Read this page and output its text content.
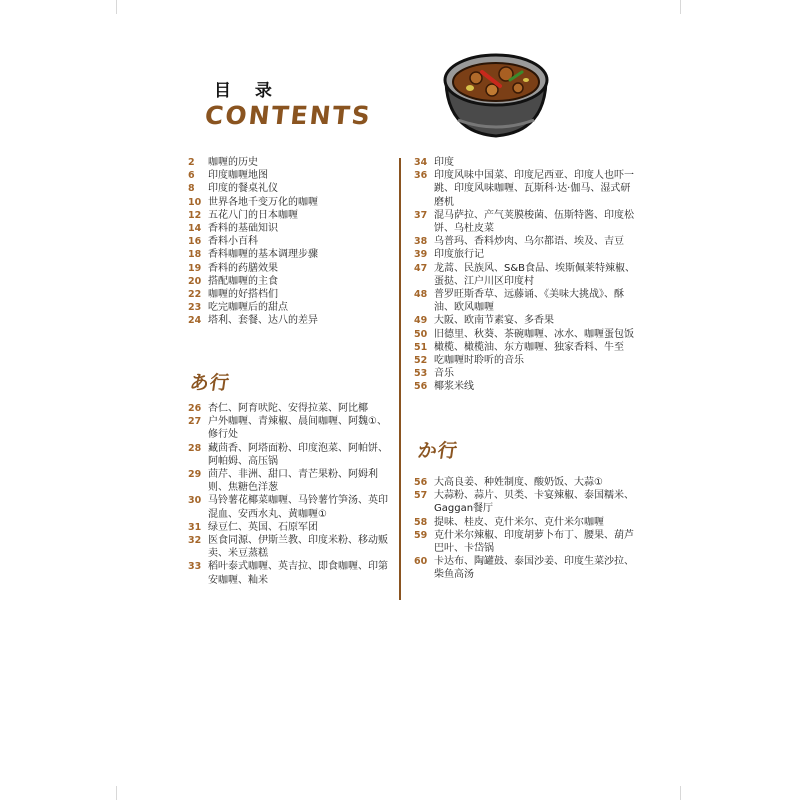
目 录
CONTENTS
2	咖喱的历史
6	印度咖喱地图
8	印度的餐桌礼仪
10 世界各地千变万化的咖喱
12 五花八门的日本咖喱
14 香料的基础知识
16 香料小百科
18 香料咖喱的基本调理步骤
19 香料的药膳效果
20 搭配咖喱的主食
22 咖喱的好搭档们
23 吃完咖喱后的甜点
24 塔利、套餐、达八的差异
あ行
26 杏仁、阿育吠陀、安得拉菜、阿比椰
27 户外咖喱、青辣椒、晨间咖喱、阿魏①、修行处
28 藏茴香、阿塔面粉、印度泡菜、阿帕饼、阿帕姆、高压锅
29 茴芹、非洲、甜口、青芒果粉、阿姆利则、焦糖色洋葱
30 马铃薯花椰菜咖喱、马铃薯竹笋汤、英印混血、安西水丸、黄咖喱①
31 绿豆仁、英国、石原军团
32 医食同源、伊斯兰教、印度米粉、移动贩卖、米豆蒸糕
33 稻叶泰式咖喱、英吉拉、即食咖喱、印第安咖喱、籼米
34 印度
36 印度风味中国菜、印度尼西亚、印度人也吓一跳、印度风味咖喱、瓦斯科·达·伽马、湿式研磨机
37 混马萨拉、产气荚膜梭菌、伍斯特酱、印度松饼、乌杜皮菜
38 乌普玛、香料炒肉、乌尔都语、埃及、吉豆
39 印度旅行记
47 龙蒿、民族风、S&B食品、埃斯佩莱特辣椒、蛋挞、江户川区印度村
48 普罗旺斯香草、远藤诵、《美味大挑战》、酥油、欧风咖喱
49 大阪、欧南节素宴、多香果
50 旧德里、秋葵、茶碗咖喱、冰水、咖喱蛋包饭
51 橄榄、橄榄油、东方咖喱、独家香料、牛至
52 吃咖喱时聆听的音乐
53 音乐
56 椰浆米线
か行
56 大高良姜、种姓制度、酸奶饭、大蒜①
57 大蒜粉、蒜片、贝类、卡宴辣椒、泰国糯米、Gaggan餐厅
58 提味、桂皮、克什米尔、克什米尔咖喱
59 克什米尔辣椒、印度胡萝卜布丁、腰果、葫芦巴叶、卡岱锅
60 卡达布、陶罐鼓、泰国沙姜、印度生菜沙拉、柴鱼高汤
